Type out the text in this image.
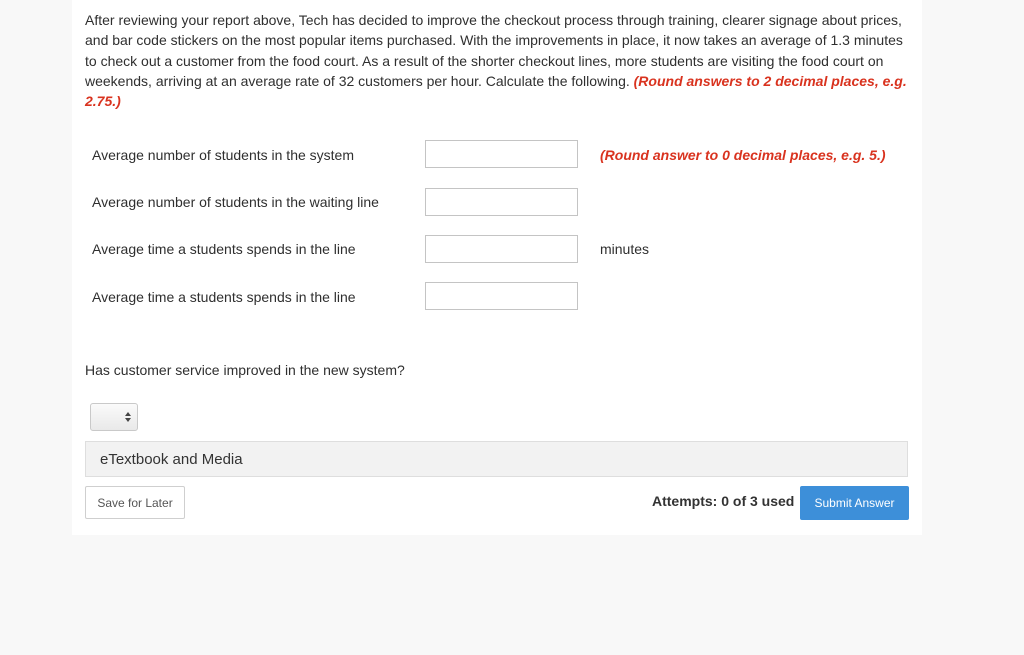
After reviewing your report above, Tech has decided to improve the checkout process through training, clearer signage about prices, and bar code stickers on the most popular items purchased. With the improvements in place, it now takes an average of 1.3 minutes to check out a customer from the food court. As a result of the shorter checkout lines, more students are visiting the food court on weekends, arriving at an average rate of 32 customers per hour. Calculate the following. (Round answers to 2 decimal places, e.g. 2.75.)

Average number of students in the system	(Round answer to 0 decimal places, e.g. 5.)
Average number of students in the waiting line
Average time a students spends in the line	minutes
Average time a students spends in the line
Has customer service improved in the new system?
eTextbook and Media
Save for Later	Attempts: 0 of 3 used	Submit Answer
